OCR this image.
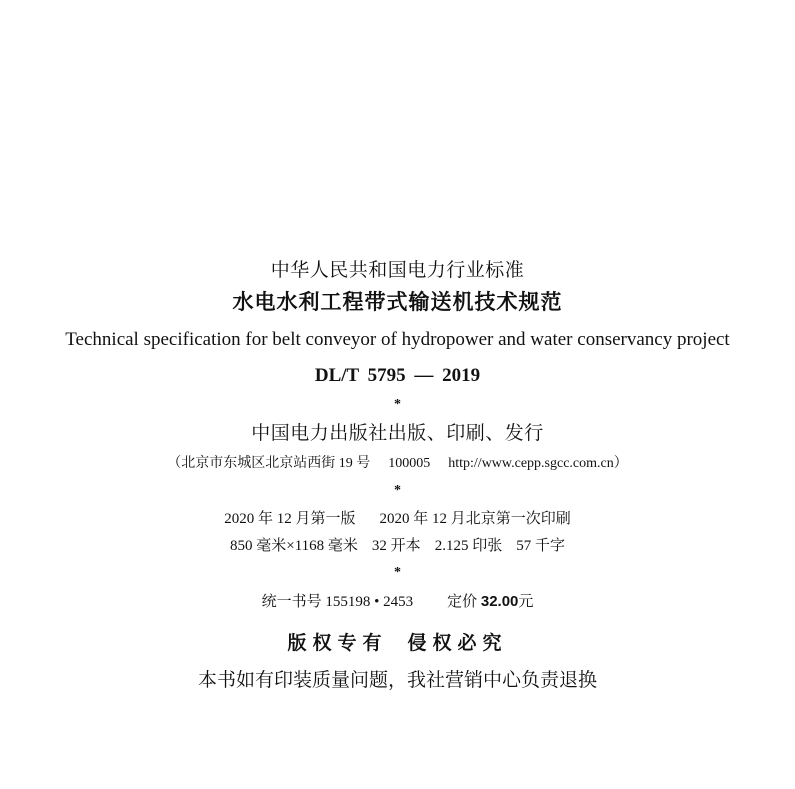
中华人民共和国电力行业标准
水电水利工程带式输送机技术规范
Technical specification for belt conveyor of hydropower and water conservancy project
DL/T 5795 — 2019
*
中国电力出版社出版、印刷、发行
（北京市东城区北京站西街 19 号 100005 http://www.cepp.sgcc.com.cn）
*
2020 年 12 月第一版 2020 年 12 月北京第一次印刷
850 毫米×1168 毫米 32 开本 2.125 印张 57 千字
*
统一书号 155198 • 2453 定价 32.00元
版权专有 侵权必究
本书如有印装质量问题，我社营销中心负责退换
